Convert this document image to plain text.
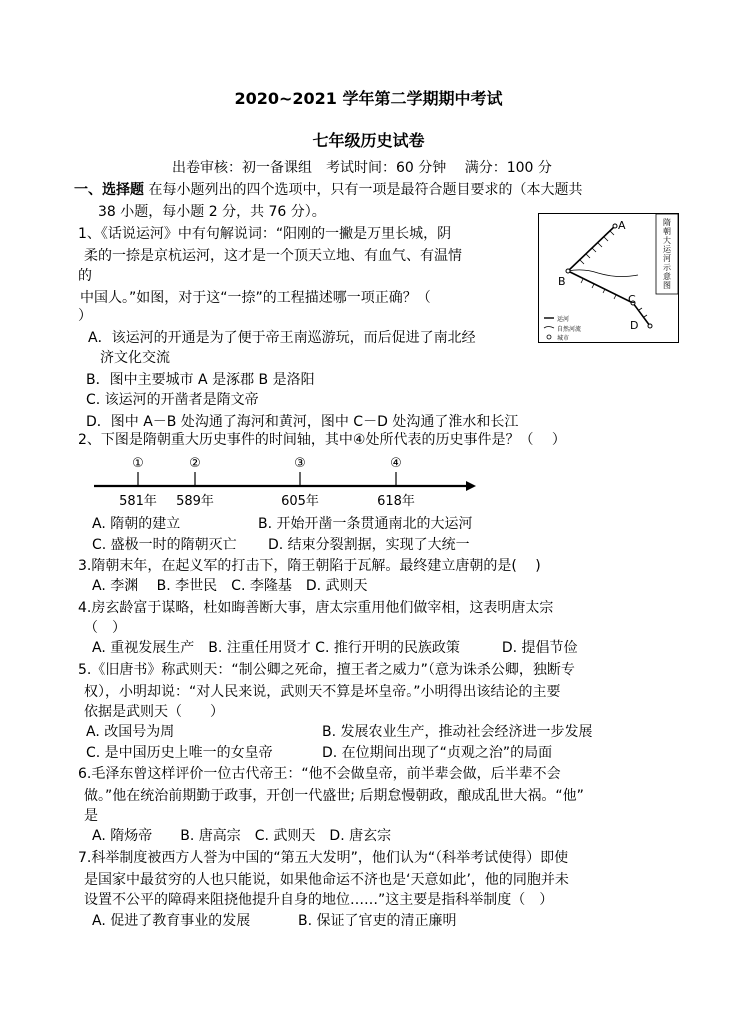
2020~2021 学年第二学期期中考试
七年级历史试卷
出卷审核：初一备课组　考试时间：60 分钟　 满分：100 分
一、选择题 在每小题列出的四个选项中，只有一项是最符合题目要求的（本大题共
38 小题，每小题 2 分，共 76 分）。
1、《话说运河》中有句解说词：“阳刚的一撇是万里长城，阴
柔的一捺是京杭运河，这才是一个顶天立地、有血气、有温情
的
中国人。”如图，对于这“一捺”的工程描述哪一项正确？（
）
A．该运河的开通是为了便于帝王南巡游玩，而后促进了南北经
济文化交流
B．图中主要城市 A 是涿郡 B 是洛阳
C. 该运河的开凿者是隋文帝
D．图中 A－B 处沟通了海河和黄河，图中 C－D 处沟通了淮水和长江
隋
朝
大
运
河
示
意
图
A
B
C
D
运河
自然河流
城市
2、下图是隋朝重大历史事件的时间轴，其中④处所代表的历史事件是？（　 ）
①	②	③	④
581年 589年	605年	618年
A. 隋朝的建立	B. 开始开凿一条贯通南北的大运河
C. 盛极一时的隋朝灭亡 D. 结束分裂割据，实现了大统一
3.隋朝末年，在起义军的打击下，隋王朝陷于瓦解。最终建立唐朝的是(　 )
A. 李渊　 B. 李世民　C. 李隆基　D. 武则天
4.房玄龄富于谋略，杜如晦善断大事，唐太宗重用他们做宰相，这表明唐太宗
（　）
A. 重视发展生产　B. 注重任用贤才 C. 推行开明的民族政策　　　D. 提倡节俭
5.《旧唐书》称武则天：“制公卿之死命，擅王者之威力”（意为诛杀公卿，独断专
权），小明却说：“对人民来说，武则天不算是坏皇帝。”小明得出该结论的主要
依据是武则天（　　）
A. 改国号为周	B. 发展农业生产，推动社会经济进一步发展
C. 是中国历史上唯一的女皇帝	D. 在位期间出现了“贞观之治”的局面
6.毛泽东曾这样评价一位古代帝王：“他不会做皇帝，前半辈会做，后半辈不会
做。”他在统治前期勤于政事，开创一代盛世; 后期怠慢朝政，酿成乱世大祸。“他”
是
A. 隋炀帝　　B. 唐高宗　C. 武则天　D. 唐玄宗
7.科举制度被西方人誉为中国的“第五大发明”，他们认为“（科举考试使得）即使
是国家中最贫穷的人也只能说，如果他命运不济也是‘天意如此’，他的同胞并未
设置不公平的障碍来阻挠他提升自身的地位……”这主要是指科举制度（　）
A. 促进了教育事业的发展	B. 保证了官吏的清正廉明
